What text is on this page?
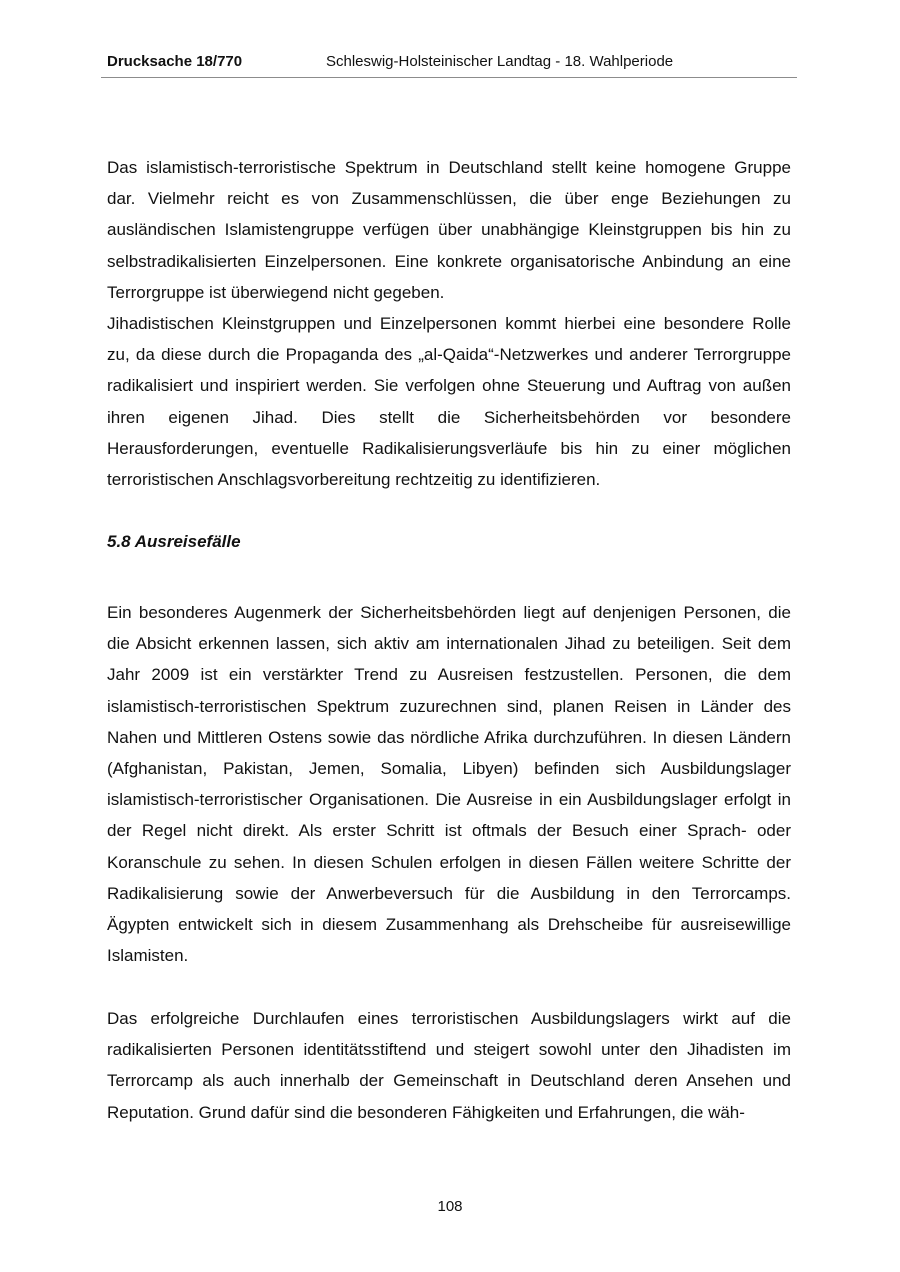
Drucksache 18/770	Schleswig-Holsteinischer Landtag - 18. Wahlperiode

Das islamistisch-terroristische Spektrum in Deutschland stellt keine homogene Gruppe dar. Vielmehr reicht es von Zusammenschlüssen, die über enge Beziehungen zu ausländischen Islamistengruppe verfügen über unabhängige Kleinstgruppen bis hin zu selbstradikalisierten Einzelpersonen. Eine konkrete organisatorische Anbindung an eine Terrorgruppe ist überwiegend nicht gegeben.

Jihadistischen Kleinstgruppen und Einzelpersonen kommt hierbei eine besondere Rolle zu, da diese durch die Propaganda des „al-Qaida“-Netzwerkes und anderer Terrorgruppe radikalisiert und inspiriert werden. Sie verfolgen ohne Steuerung und Auftrag von außen ihren eigenen Jihad. Dies stellt die Sicherheitsbehörden vor besondere Herausforderungen, eventuelle Radikalisierungsverläufe bis hin zu einer möglichen terroristischen Anschlagsvorbereitung rechtzeitig zu identifizieren.

5.8 Ausreisefälle

Ein besonderes Augenmerk der Sicherheitsbehörden liegt auf denjenigen Personen, die die Absicht erkennen lassen, sich aktiv am internationalen Jihad zu beteiligen. Seit dem Jahr 2009 ist ein verstärkter Trend zu Ausreisen festzustellen. Personen, die dem islamistisch-terroristischen Spektrum zuzurechnen sind, planen Reisen in Länder des Nahen und Mittleren Ostens sowie das nördliche Afrika durchzuführen. In diesen Ländern (Afghanistan, Pakistan, Jemen, Somalia, Libyen) befinden sich Ausbildungslager islamistisch-terroristischer Organisationen. Die Ausreise in ein Ausbildungslager erfolgt in der Regel nicht direkt. Als erster Schritt ist oftmals der Besuch einer Sprach- oder Koranschule zu sehen. In diesen Schulen erfolgen in diesen Fällen weitere Schritte der Radikalisierung sowie der Anwerbeversuch für die Ausbildung in den Terrorcamps. Ägypten entwickelt sich in diesem Zusammenhang als Drehscheibe für ausreisewillige Islamisten.

Das erfolgreiche Durchlaufen eines terroristischen Ausbildungslagers wirkt auf die radikalisierten Personen identitätsstiftend und steigert sowohl unter den Jihadisten im Terrorcamp als auch innerhalb der Gemeinschaft in Deutschland deren Ansehen und Reputation. Grund dafür sind die besonderen Fähigkeiten und Erfahrungen, die wäh-

108
